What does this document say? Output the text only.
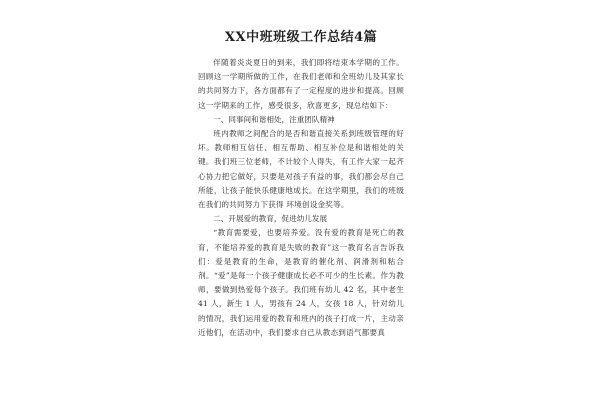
XX中班班级工作总结4篇

伴随着炎炎夏日的到来，我们即将结束本学期的工作。回顾这一学期所做的工作，在我们老师和全班幼儿及其家长的共同努力下，各方面都有了一定程度的进步和提高。回顾这一学期来的工作，感受很多，欣喜更多，现总结如下：

一、同事间和谐相处，注重团队精神

班内教师之间配合的是否和谐直接关系到班级管理的好坏。教师相互信任、相互帮助、相互补位是和谐相处的关键。我们班三位老师，不计较个人得失，有工作大家一起齐心协力把它做好，只要是对孩子有益的事，我们都会尽自己所能，让孩子能快乐健康地成长。在这学期里，我们的班级在我们的共同努力下获得 环境创设金奖等。

二、开展爱的教育，促进幼儿发展

“教育需要爱，也要培养爱。没有爱的教育是死亡的教育，不能培养爱的教育是失败的教育”这一教育名言告诉我们：爱是教育的生命，是教育的催化剂、润滑剂和粘合剂。“爱”是每一个孩子健康成长必不可少的生长素。作为教师，要做到热爱每个孩子。我们班有幼儿 42 名，其中老生 41 人，新生 1 人，男孩有 24 人，女孩 18 人，针对幼儿的情况，我们运用爱的教育和班内的孩子打成一片，主动亲近他们，在活动中，我们要求自己从教态到语气都要真
